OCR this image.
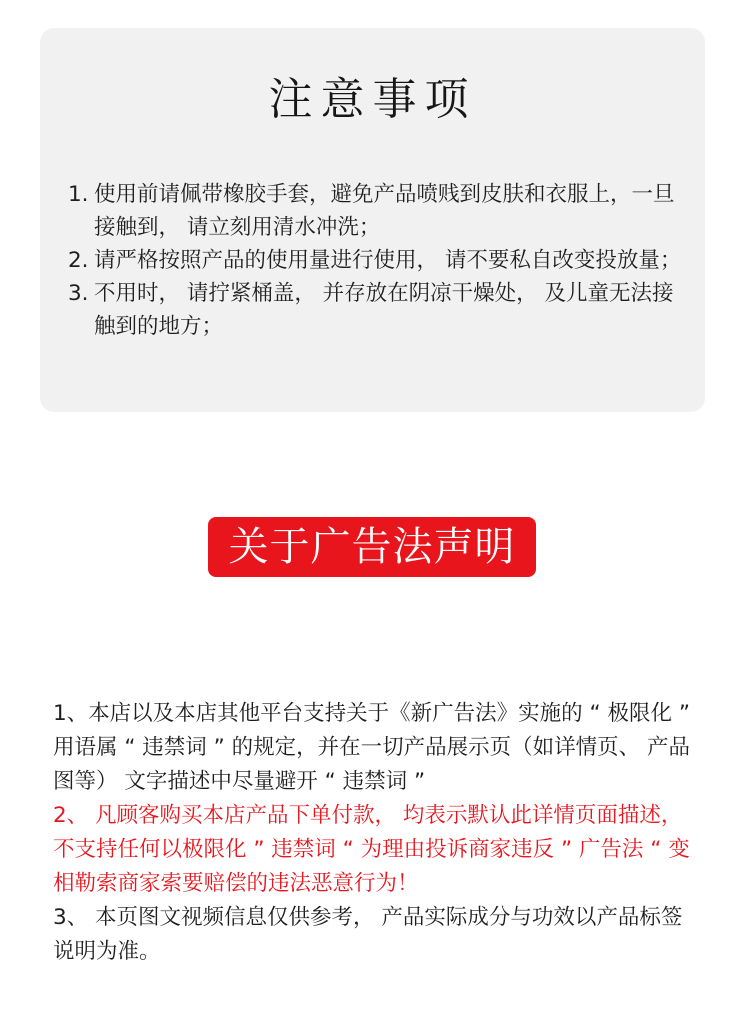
注意事项
1. 使用前请佩带橡胶手套，避免产品喷贱到皮肤和衣服上，一旦接触到， 请立刻用清水冲洗；
2. 请严格按照产品的使用量进行使用， 请不要私自改变投放量；
3. 不用时， 请拧紧桶盖， 并存放在阴凉干燥处， 及儿童无法接触到的地方；
关于广告法声明

1、本店以及本店其他平台支持关于《新广告法》实施的 “ 极限化 ” 用语属 “ 违禁词 ” 的规定，并在一切产品展示页（如详情页、 产品图等） 文字描述中尽量避开 “ 违禁词 ”

2、 凡顾客购买本店产品下单付款， 均表示默认此详情页面描述， 不支持任何以极限化 ” 违禁词 “ 为理由投诉商家违反 ” 广告法 “ 变相勒索商家索要赔偿的违法恶意行为！

3、 本页图文视频信息仅供参考， 产品实际成分与功效以产品标签说明为准。
